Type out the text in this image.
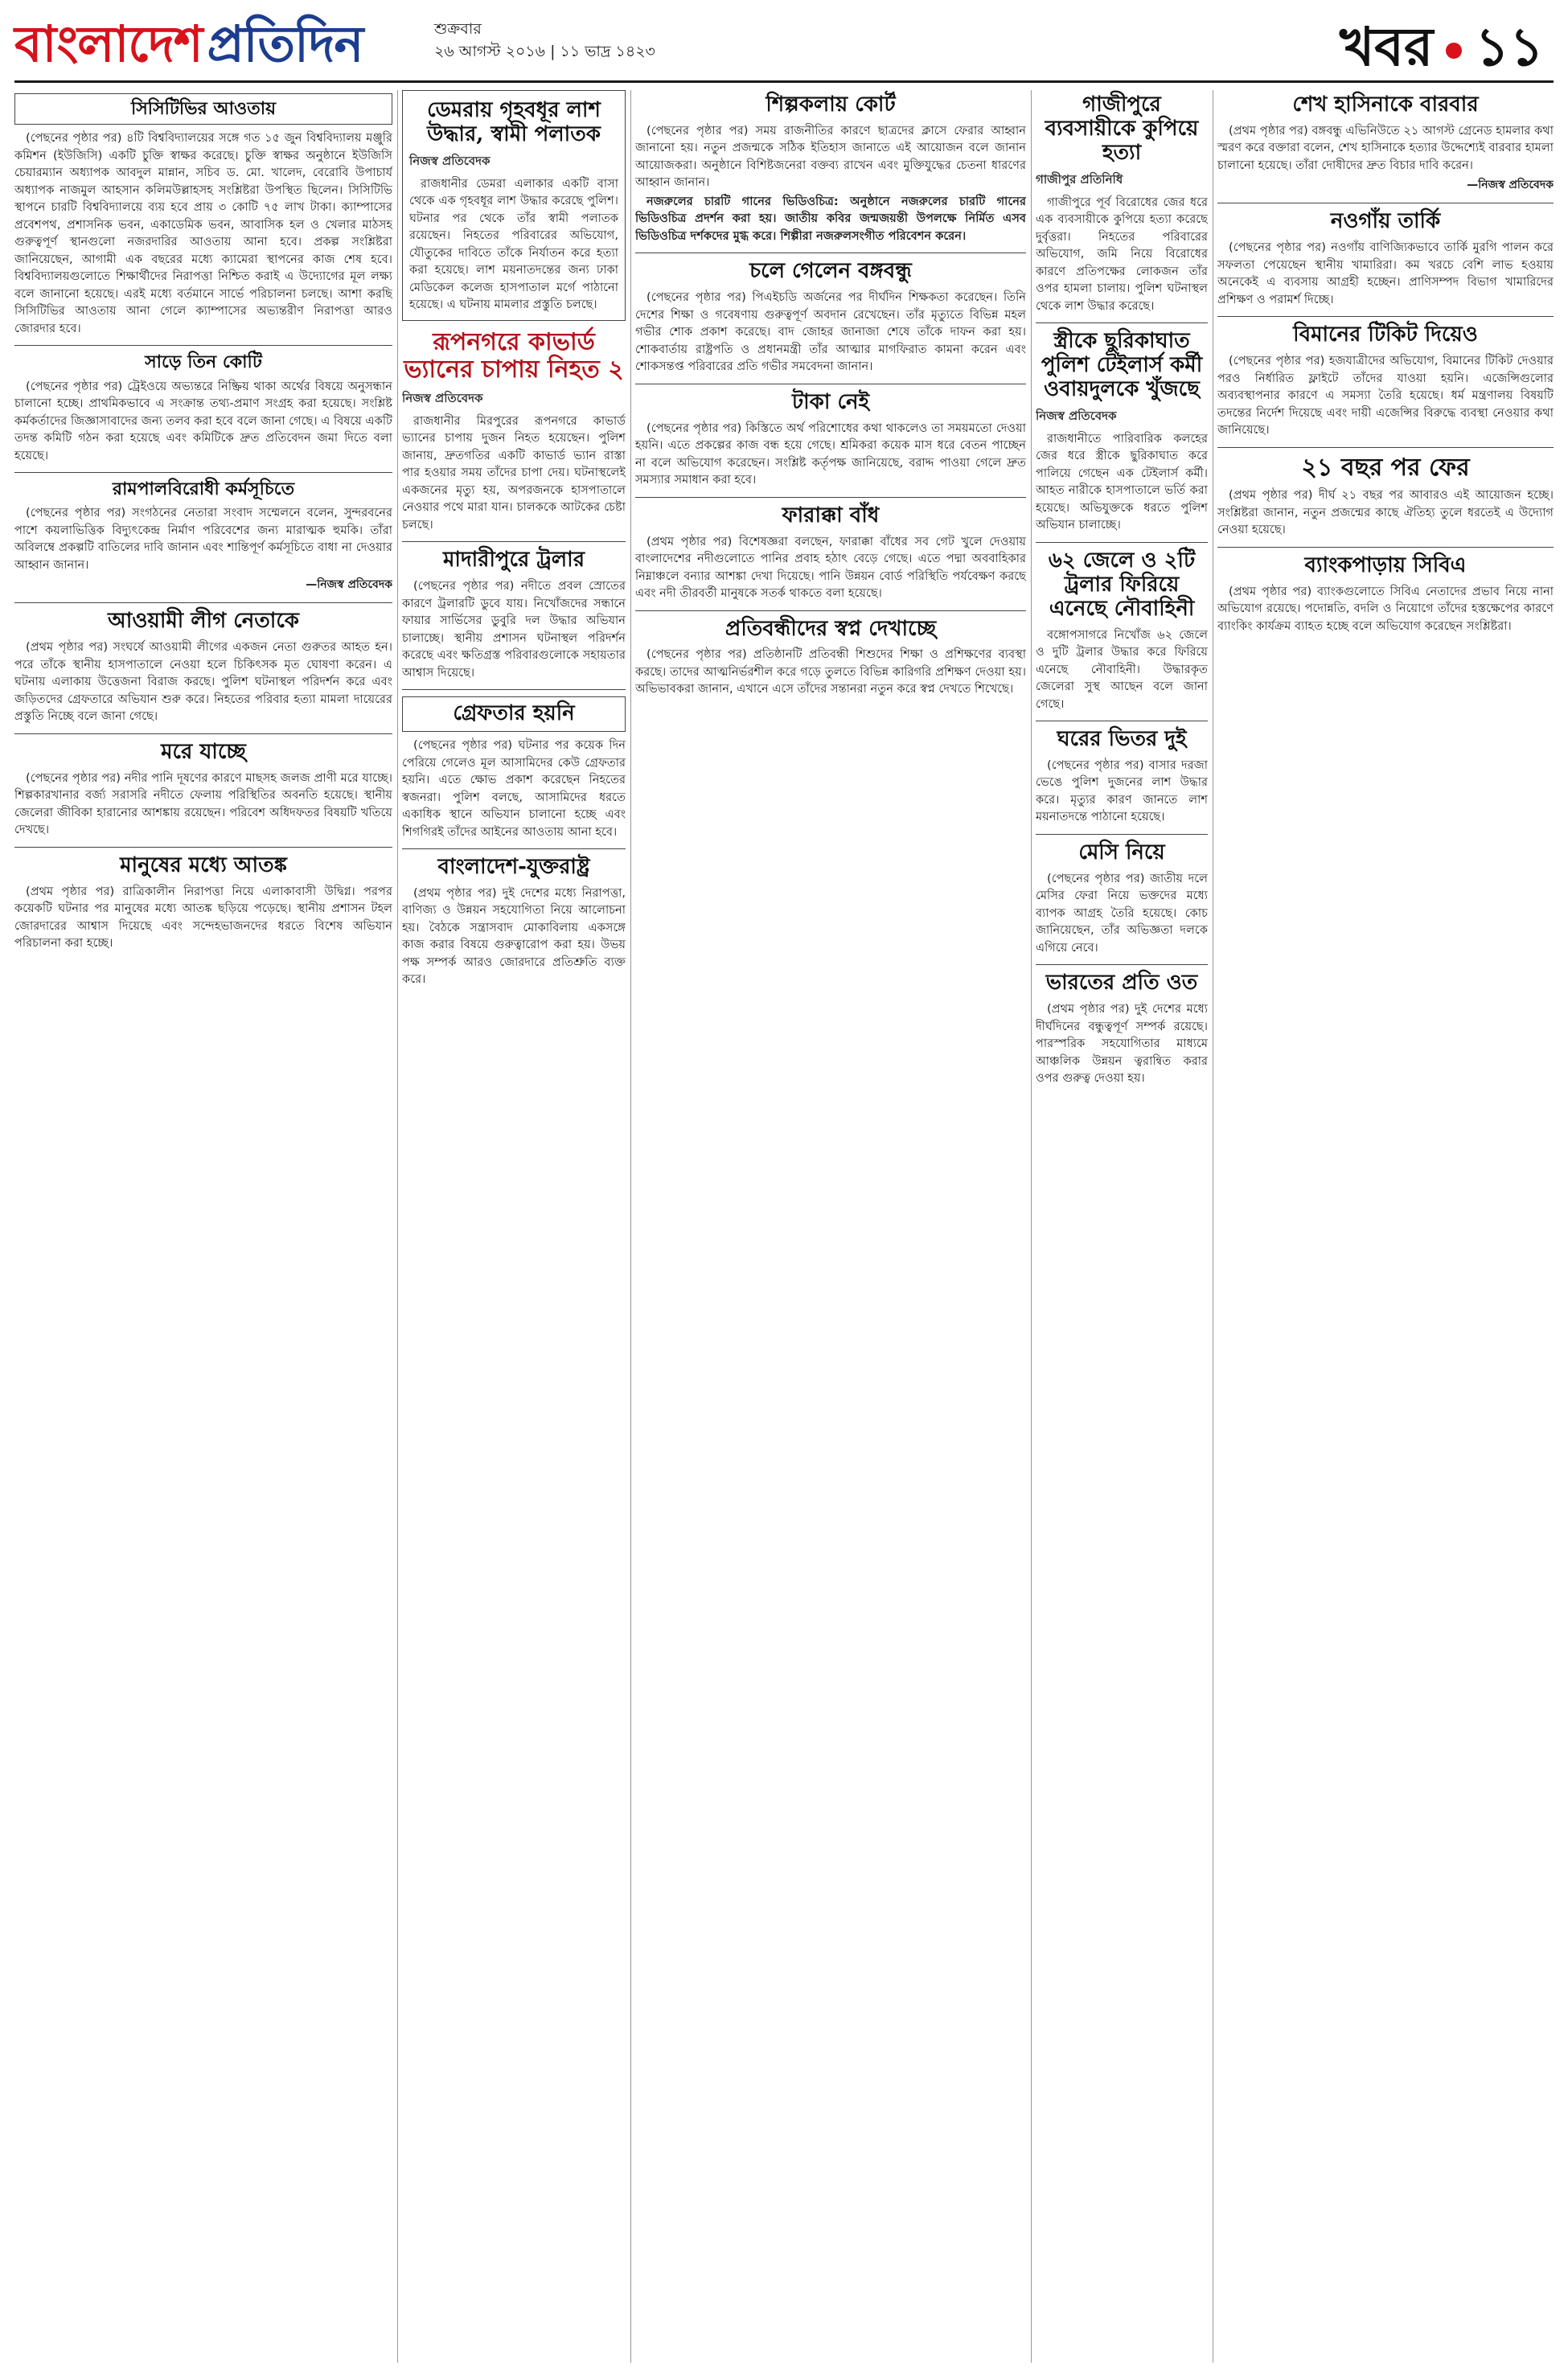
বাংলাদেশ প্রতিদিন	শুক্রবার
২৬ আগস্ট ২০১৬ | ১১ ভাদ্র ১৪২৩	খবর ১১
সিসিটিভির আওতায়

(পেছনের পৃষ্ঠার পর) ৪টি বিশ্ববিদ্যালয়ের সঙ্গে গত ১৫ জুন বিশ্ববিদ্যালয় মঞ্জুরি কমিশন (ইউজিসি) একটি চুক্তি স্বাক্ষর করেছে। চুক্তি স্বাক্ষর অনুষ্ঠানে ইউজিসি চেয়ারম্যান অধ্যাপক আবদুল মান্নান, সচিব ড. মো. খালেদ, বেরোবি উপাচার্য অধ্যাপক নাজমুল আহসান কলিমউল্লাহসহ সংশ্লিষ্টরা উপস্থিত ছিলেন। সিসিটিভি স্থাপনে চারটি বিশ্ববিদ্যালয়ে ব্যয় হবে প্রায় ৩ কোটি ৭৫ লাখ টাকা। ক্যাম্পাসের প্রবেশপথ, প্রশাসনিক ভবন, একাডেমিক ভবন, আবাসিক হল ও খেলার মাঠসহ গুরুত্বপূর্ণ স্থানগুলো নজরদারির আওতায় আনা হবে। প্রকল্প সংশ্লিষ্টরা জানিয়েছেন, আগামী এক বছরের মধ্যে ক্যামেরা স্থাপনের কাজ শেষ হবে। বিশ্ববিদ্যালয়গুলোতে শিক্ষার্থীদের নিরাপত্তা নিশ্চিত করাই এ উদ্যোগের মূল লক্ষ্য বলে জানানো হয়েছে। এরই মধ্যে বর্তমানে সার্ভে পরিচালনা চলছে। আশা করছি সিসিটিভির আওতায় আনা গেলে ক্যাম্পাসের অভ্যন্তরীণ নিরাপত্তা আরও জোরদার হবে।

সাড়ে তিন কোটি

(পেছনের পৃষ্ঠার পর) ট্রেইওয়ে অভ্যন্তরে নিষ্ক্রিয় থাকা অর্থের বিষয়ে অনুসন্ধান চালানো হচ্ছে। প্রাথমিকভাবে এ সংক্রান্ত তথ্য-প্রমাণ সংগ্রহ করা হয়েছে। সংশ্লিষ্ট কর্মকর্তাদের জিজ্ঞাসাবাদের জন্য তলব করা হবে বলে জানা গেছে। এ বিষয়ে একটি তদন্ত কমিটি গঠন করা হয়েছে এবং কমিটিকে দ্রুত প্রতিবেদন জমা দিতে বলা হয়েছে।

রামপালবিরোধী কর্মসূচিতে

(পেছনের পৃষ্ঠার পর) সংগঠনের নেতারা সংবাদ সম্মেলনে বলেন, সুন্দরবনের পাশে কয়লাভিত্তিক বিদ্যুৎকেন্দ্র নির্মাণ পরিবেশের জন্য মারাত্মক হুমকি। তাঁরা অবিলম্বে প্রকল্পটি বাতিলের দাবি জানান এবং শান্তিপূর্ণ কর্মসূচিতে বাধা না দেওয়ার আহ্বান জানান।

—নিজস্ব প্রতিবেদক
আওয়ামী লীগ নেতাকে

(প্রথম পৃষ্ঠার পর) সংঘর্ষে আওয়ামী লীগের একজন নেতা গুরুতর আহত হন। পরে তাঁকে স্থানীয় হাসপাতালে নেওয়া হলে চিকিৎসক মৃত ঘোষণা করেন। এ ঘটনায় এলাকায় উত্তেজনা বিরাজ করছে। পুলিশ ঘটনাস্থল পরিদর্শন করে এবং জড়িতদের গ্রেফতারে অভিযান শুরু করে। নিহতের পরিবার হত্যা মামলা দায়েরের প্রস্তুতি নিচ্ছে বলে জানা গেছে।

মরে যাচ্ছে

(পেছনের পৃষ্ঠার পর) নদীর পানি দূষণের কারণে মাছসহ জলজ প্রাণী মরে যাচ্ছে। শিল্পকারখানার বর্জ্য সরাসরি নদীতে ফেলায় পরিস্থিতির অবনতি হয়েছে। স্থানীয় জেলেরা জীবিকা হারানোর আশঙ্কায় রয়েছেন। পরিবেশ অধিদফতর বিষয়টি খতিয়ে দেখছে।

মানুষের মধ্যে আতঙ্ক

(প্রথম পৃষ্ঠার পর) রাত্রিকালীন নিরাপত্তা নিয়ে এলাকাবাসী উদ্বিগ্ন। পরপর কয়েকটি ঘটনার পর মানুষের মধ্যে আতঙ্ক ছড়িয়ে পড়েছে। স্থানীয় প্রশাসন টহল জোরদারের আশ্বাস দিয়েছে এবং সন্দেহভাজনদের ধরতে বিশেষ অভিযান পরিচালনা করা হচ্ছে।

ডেমরায় গৃহবধূর লাশ উদ্ধার, স্বামী পলাতক
নিজস্ব প্রতিবেদক

রাজধানীর ডেমরা এলাকার একটি বাসা থেকে এক গৃহবধূর লাশ উদ্ধার করেছে পুলিশ। ঘটনার পর থেকে তাঁর স্বামী পলাতক রয়েছেন। নিহতের পরিবারের অভিযোগ, যৌতুকের দাবিতে তাঁকে নির্যাতন করে হত্যা করা হয়েছে। লাশ ময়নাতদন্তের জন্য ঢাকা মেডিকেল কলেজ হাসপাতাল মর্গে পাঠানো হয়েছে। এ ঘটনায় মামলার প্রস্তুতি চলছে।

রূপনগরে কাভার্ড ভ্যানের চাপায় নিহত ২
নিজস্ব প্রতিবেদক

রাজধানীর মিরপুরের রূপনগরে কাভার্ড ভ্যানের চাপায় দুজন নিহত হয়েছেন। পুলিশ জানায়, দ্রুতগতির একটি কাভার্ড ভ্যান রাস্তা পার হওয়ার সময় তাঁদের চাপা দেয়। ঘটনাস্থলেই একজনের মৃত্যু হয়, অপরজনকে হাসপাতালে নেওয়ার পথে মারা যান। চালককে আটকের চেষ্টা চলছে।

মাদারীপুরে ট্রলার

(পেছনের পৃষ্ঠার পর) নদীতে প্রবল স্রোতের কারণে ট্রলারটি ডুবে যায়। নিখোঁজদের সন্ধানে ফায়ার সার্ভিসের ডুবুরি দল উদ্ধার অভিযান চালাচ্ছে। স্থানীয় প্রশাসন ঘটনাস্থল পরিদর্শন করেছে এবং ক্ষতিগ্রস্ত পরিবারগুলোকে সহায়তার আশ্বাস দিয়েছে।

গ্রেফতার হয়নি

(পেছনের পৃষ্ঠার পর) ঘটনার পর কয়েক দিন পেরিয়ে গেলেও মূল আসামিদের কেউ গ্রেফতার হয়নি। এতে ক্ষোভ প্রকাশ করেছেন নিহতের স্বজনরা। পুলিশ বলছে, আসামিদের ধরতে একাধিক স্থানে অভিযান চালানো হচ্ছে এবং শিগগিরই তাঁদের আইনের আওতায় আনা হবে।

বাংলাদেশ-যুক্তরাষ্ট্র

(প্রথম পৃষ্ঠার পর) দুই দেশের মধ্যে নিরাপত্তা, বাণিজ্য ও উন্নয়ন সহযোগিতা নিয়ে আলোচনা হয়। বৈঠকে সন্ত্রাসবাদ মোকাবিলায় একসঙ্গে কাজ করার বিষয়ে গুরুত্বারোপ করা হয়। উভয় পক্ষ সম্পর্ক আরও জোরদারে প্রতিশ্রুতি ব্যক্ত করে।

শিল্পকলায় কোর্ট

(পেছনের পৃষ্ঠার পর) সময় রাজনীতির কারণে ছাত্রদের ক্লাসে ফেরার আহ্বান জানানো হয়। নতুন প্রজন্মকে সঠিক ইতিহাস জানাতে এই আয়োজন বলে জানান আয়োজকরা। অনুষ্ঠানে বিশিষ্টজনেরা বক্তব্য রাখেন এবং মুক্তিযুদ্ধের চেতনা ধারণের আহ্বান জানান।

নজরুলের চারটি গানের ভিডিওচিত্র: অনুষ্ঠানে নজরুলের চারটি গানের ভিডিওচিত্র প্রদর্শন করা হয়। জাতীয় কবির জন্মজয়ন্তী উপলক্ষে নির্মিত এসব ভিডিওচিত্র দর্শকদের মুগ্ধ করে। শিল্পীরা নজরুলসংগীত পরিবেশন করেন।

চলে গেলেন বঙ্গবন্ধু

(পেছনের পৃষ্ঠার পর) পিএইচডি অর্জনের পর দীর্ঘদিন শিক্ষকতা করেছেন। তিনি দেশের শিক্ষা ও গবেষণায় গুরুত্বপূর্ণ অবদান রেখেছেন। তাঁর মৃত্যুতে বিভিন্ন মহল গভীর শোক প্রকাশ করেছে। বাদ জোহর জানাজা শেষে তাঁকে দাফন করা হয়। শোকবার্তায় রাষ্ট্রপতি ও প্রধানমন্ত্রী তাঁর আত্মার মাগফিরাত কামনা করেন এবং শোকসন্তপ্ত পরিবারের প্রতি গভীর সমবেদনা জানান।

টাকা নেই

(পেছনের পৃষ্ঠার পর) কিস্তিতে অর্থ পরিশোধের কথা থাকলেও তা সময়মতো দেওয়া হয়নি। এতে প্রকল্পের কাজ বন্ধ হয়ে গেছে। শ্রমিকরা কয়েক মাস ধরে বেতন পাচ্ছেন না বলে অভিযোগ করেছেন। সংশ্লিষ্ট কর্তৃপক্ষ জানিয়েছে, বরাদ্দ পাওয়া গেলে দ্রুত সমস্যার সমাধান করা হবে।

ফারাক্কা বাঁধ

(প্রথম পৃষ্ঠার পর) বিশেষজ্ঞরা বলছেন, ফারাক্কা বাঁধের সব গেট খুলে দেওয়ায় বাংলাদেশের নদীগুলোতে পানির প্রবাহ হঠাৎ বেড়ে গেছে। এতে পদ্মা অববাহিকার নিম্নাঞ্চলে বন্যার আশঙ্কা দেখা দিয়েছে। পানি উন্নয়ন বোর্ড পরিস্থিতি পর্যবেক্ষণ করছে এবং নদী তীরবর্তী মানুষকে সতর্ক থাকতে বলা হয়েছে।

প্রতিবন্ধীদের স্বপ্ন দেখাচ্ছে

(পেছনের পৃষ্ঠার পর) প্রতিষ্ঠানটি প্রতিবন্ধী শিশুদের শিক্ষা ও প্রশিক্ষণের ব্যবস্থা করছে। তাদের আত্মনির্ভরশীল করে গড়ে তুলতে বিভিন্ন কারিগরি প্রশিক্ষণ দেওয়া হয়। অভিভাবকরা জানান, এখানে এসে তাঁদের সন্তানরা নতুন করে স্বপ্ন দেখতে শিখেছে।

গাজীপুরে ব্যবসায়ীকে কুপিয়ে হত্যা
গাজীপুর প্রতিনিধি

গাজীপুরে পূর্ব বিরোধের জের ধরে এক ব্যবসায়ীকে কুপিয়ে হত্যা করেছে দুর্বৃত্তরা। নিহতের পরিবারের অভিযোগ, জমি নিয়ে বিরোধের কারণে প্রতিপক্ষের লোকজন তাঁর ওপর হামলা চালায়। পুলিশ ঘটনাস্থল থেকে লাশ উদ্ধার করেছে।

স্ত্রীকে ছুরিকাঘাত পুলিশ টেইলার্স কর্মী ওবায়দুলকে খুঁজছে
নিজস্ব প্রতিবেদক

রাজধানীতে পারিবারিক কলহের জের ধরে স্ত্রীকে ছুরিকাঘাত করে পালিয়ে গেছেন এক টেইলার্স কর্মী। আহত নারীকে হাসপাতালে ভর্তি করা হয়েছে। অভিযুক্তকে ধরতে পুলিশ অভিযান চালাচ্ছে।

৬২ জেলে ও ২টি ট্রলার ফিরিয়ে এনেছে নৌবাহিনী

বঙ্গোপসাগরে নিখোঁজ ৬২ জেলে ও দুটি ট্রলার উদ্ধার করে ফিরিয়ে এনেছে নৌবাহিনী। উদ্ধারকৃত জেলেরা সুস্থ আছেন বলে জানা গেছে।

ঘরের ভিতর দুই

(পেছনের পৃষ্ঠার পর) বাসার দরজা ভেঙে পুলিশ দুজনের লাশ উদ্ধার করে। মৃত্যুর কারণ জানতে লাশ ময়নাতদন্তে পাঠানো হয়েছে।

মেসি নিয়ে

(পেছনের পৃষ্ঠার পর) জাতীয় দলে মেসির ফেরা নিয়ে ভক্তদের মধ্যে ব্যাপক আগ্রহ তৈরি হয়েছে। কোচ জানিয়েছেন, তাঁর অভিজ্ঞতা দলকে এগিয়ে নেবে।

ভারতের প্রতি ওত

(প্রথম পৃষ্ঠার পর) দুই দেশের মধ্যে দীর্ঘদিনের বন্ধুত্বপূর্ণ সম্পর্ক রয়েছে। পারস্পরিক সহযোগিতার মাধ্যমে আঞ্চলিক উন্নয়ন ত্বরান্বিত করার ওপর গুরুত্ব দেওয়া হয়।

শেখ হাসিনাকে বারবার

(প্রথম পৃষ্ঠার পর) বঙ্গবন্ধু এভিনিউতে ২১ আগস্ট গ্রেনেড হামলার কথা স্মরণ করে বক্তারা বলেন, শেখ হাসিনাকে হত্যার উদ্দেশ্যেই বারবার হামলা চালানো হয়েছে। তাঁরা দোষীদের দ্রুত বিচার দাবি করেন।

—নিজস্ব প্রতিবেদক
নওগাঁয় তার্কি

(পেছনের পৃষ্ঠার পর) নওগাঁয় বাণিজ্যিকভাবে তার্কি মুরগি পালন করে সফলতা পেয়েছেন স্থানীয় খামারিরা। কম খরচে বেশি লাভ হওয়ায় অনেকেই এ ব্যবসায় আগ্রহী হচ্ছেন। প্রাণিসম্পদ বিভাগ খামারিদের প্রশিক্ষণ ও পরামর্শ দিচ্ছে।

বিমানের টিকিট দিয়েও

(পেছনের পৃষ্ঠার পর) হজযাত্রীদের অভিযোগ, বিমানের টিকিট দেওয়ার পরও নির্ধারিত ফ্লাইটে তাঁদের যাওয়া হয়নি। এজেন্সিগুলোর অব্যবস্থাপনার কারণে এ সমস্যা তৈরি হয়েছে। ধর্ম মন্ত্রণালয় বিষয়টি তদন্তের নির্দেশ দিয়েছে এবং দায়ী এজেন্সির বিরুদ্ধে ব্যবস্থা নেওয়ার কথা জানিয়েছে।

২১ বছর পর ফের

(প্রথম পৃষ্ঠার পর) দীর্ঘ ২১ বছর পর আবারও এই আয়োজন হচ্ছে। সংশ্লিষ্টরা জানান, নতুন প্রজন্মের কাছে ঐতিহ্য তুলে ধরতেই এ উদ্যোগ নেওয়া হয়েছে।

ব্যাংকপাড়ায় সিবিএ

(প্রথম পৃষ্ঠার পর) ব্যাংকগুলোতে সিবিএ নেতাদের প্রভাব নিয়ে নানা অভিযোগ রয়েছে। পদোন্নতি, বদলি ও নিয়োগে তাঁদের হস্তক্ষেপের কারণে ব্যাংকিং কার্যক্রম ব্যাহত হচ্ছে বলে অভিযোগ করেছেন সংশ্লিষ্টরা।
